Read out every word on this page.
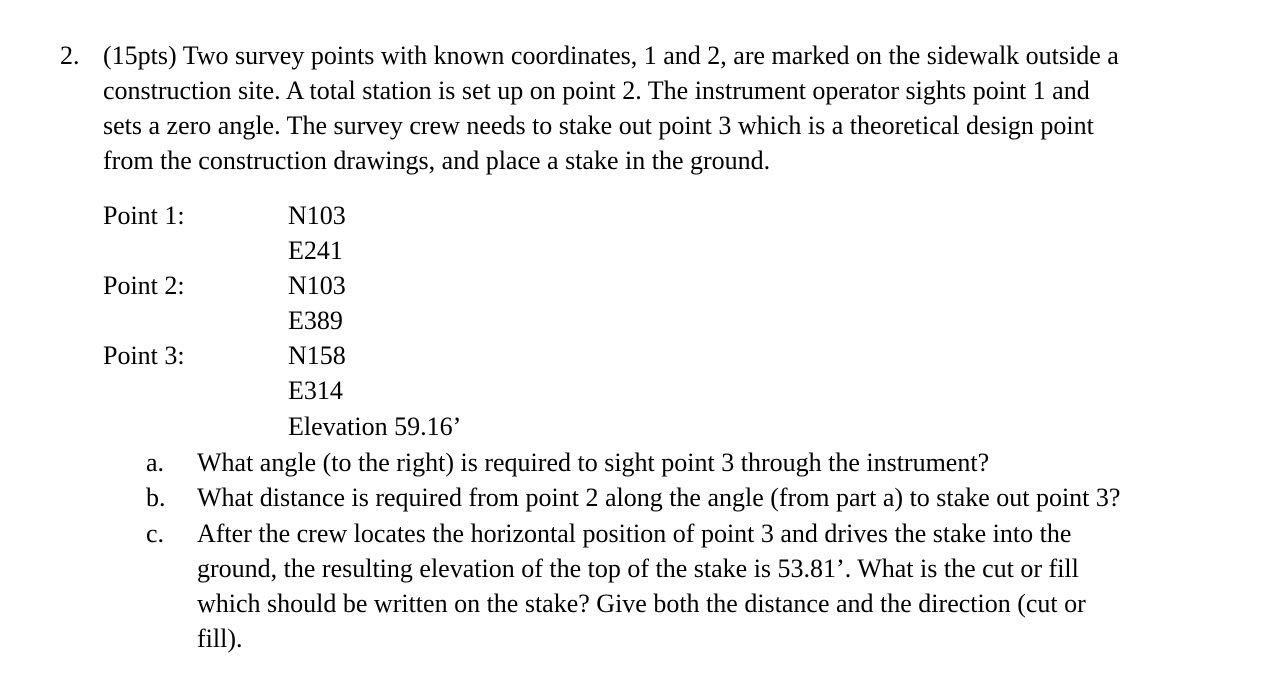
2. (15pts) Two survey points with known coordinates, 1 and 2, are marked on the sidewalk outside a
construction site. A total station is set up on point 2. The instrument operator sights point 1 and
sets a zero angle. The survey crew needs to stake out point 3 which is a theoretical design point
from the construction drawings, and place a stake in the ground.
Point 1:	N103
E241
Point 2:	N103
E389
Point 3:	N158
E314
Elevation 59.16’
a. What angle (to the right) is required to sight point 3 through the instrument?
b. What distance is required from point 2 along the angle (from part a) to stake out point 3?
c. After the crew locates the horizontal position of point 3 and drives the stake into the
ground, the resulting elevation of the top of the stake is 53.81’. What is the cut or fill
which should be written on the stake? Give both the distance and the direction (cut or
fill).
